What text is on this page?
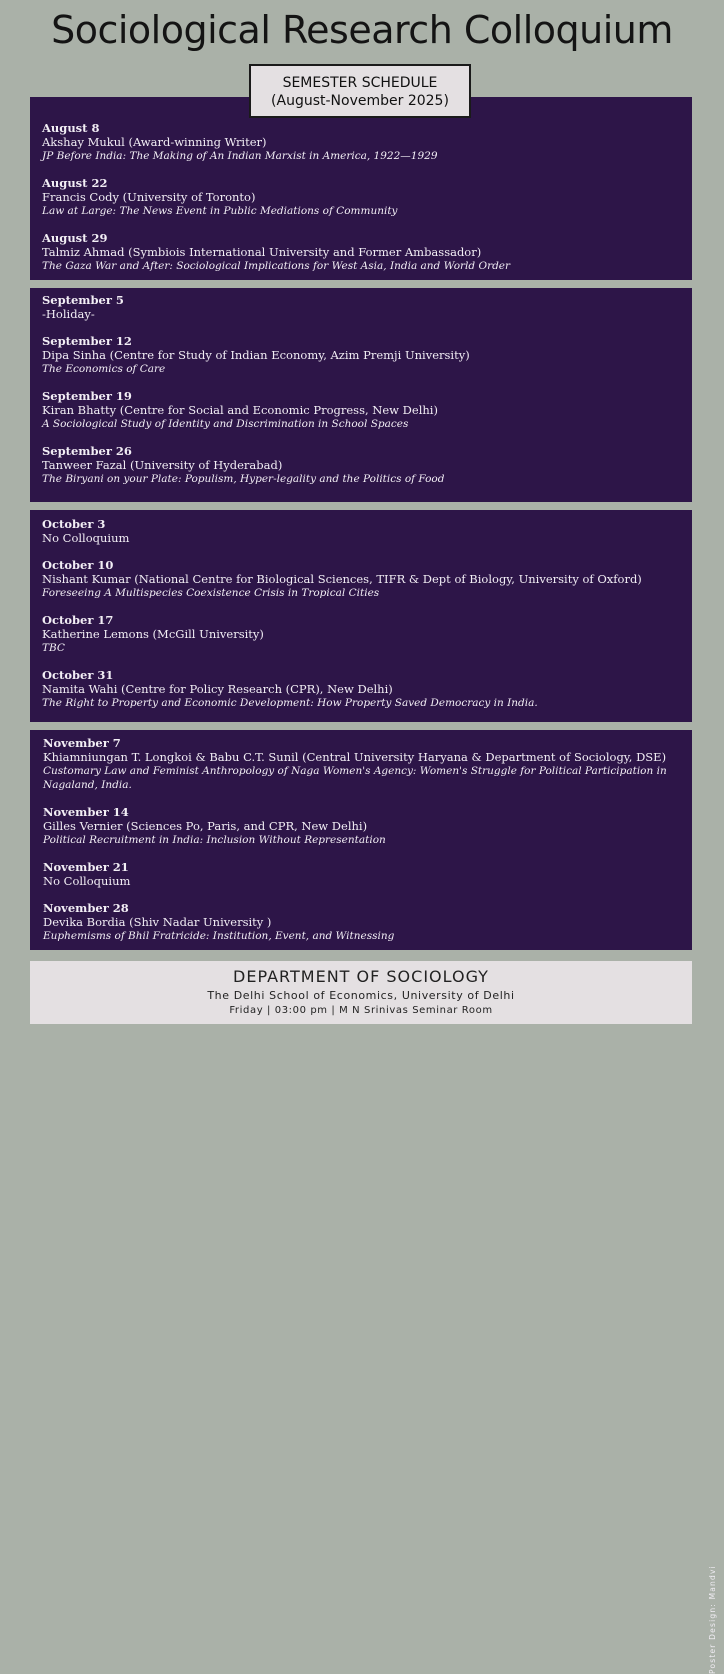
Sociological Research Colloquium
SEMESTER SCHEDULE
(August-November 2025)
August 8
Akshay Mukul (Award-winning Writer)
JP Before India: The Making of An Indian Marxist in America, 1922—1929
August 22
Francis Cody (University of Toronto)
Law at Large: The News Event in Public Mediations of Community
August 29
Talmiz Ahmad (Symbiois International University and Former Ambassador)
The Gaza War and After: Sociological Implications for West Asia, India and World Order
September 5
-Holiday-
September 12
Dipa Sinha (Centre for Study of Indian Economy, Azim Premji University)
The Economics of Care
September 19
Kiran Bhatty (Centre for Social and Economic Progress, New Delhi)
A Sociological Study of Identity and Discrimination in School Spaces
September 26
Tanweer Fazal (University of Hyderabad)
The Biryani on your Plate: Populism, Hyper-legality and the Politics of Food
October 3
No Colloquium
October 10
Nishant Kumar (National Centre for Biological Sciences, TIFR & Dept of Biology, University of Oxford)
Foreseeing A Multispecies Coexistence Crisis in Tropical Cities
October 17
Katherine Lemons (McGill University)
TBC
October 31
Namita Wahi (Centre for Policy Research (CPR), New Delhi)
The Right to Property and Economic Development: How Property Saved Democracy in India.
November 7
Khiamniungan T. Longkoi & Babu C.T. Sunil (Central University Haryana & Department of Sociology, DSE)
Customary Law and Feminist Anthropology of Naga Women's Agency: Women's Struggle for Political Participation in Nagaland, India.
November 14
Gilles Vernier (Sciences Po, Paris, and CPR, New Delhi)
Political Recruitment in India: Inclusion Without Representation
November 21
No Colloquium
November 28
Devika Bordia (Shiv Nadar University )
Euphemisms of Bhil Fratricide: Institution, Event, and Witnessing
Poster Design: Mandvi
DEPARTMENT OF SOCIOLOGY
The Delhi School of Economics, University of Delhi
Friday | 03:00 pm | M N Srinivas Seminar Room
